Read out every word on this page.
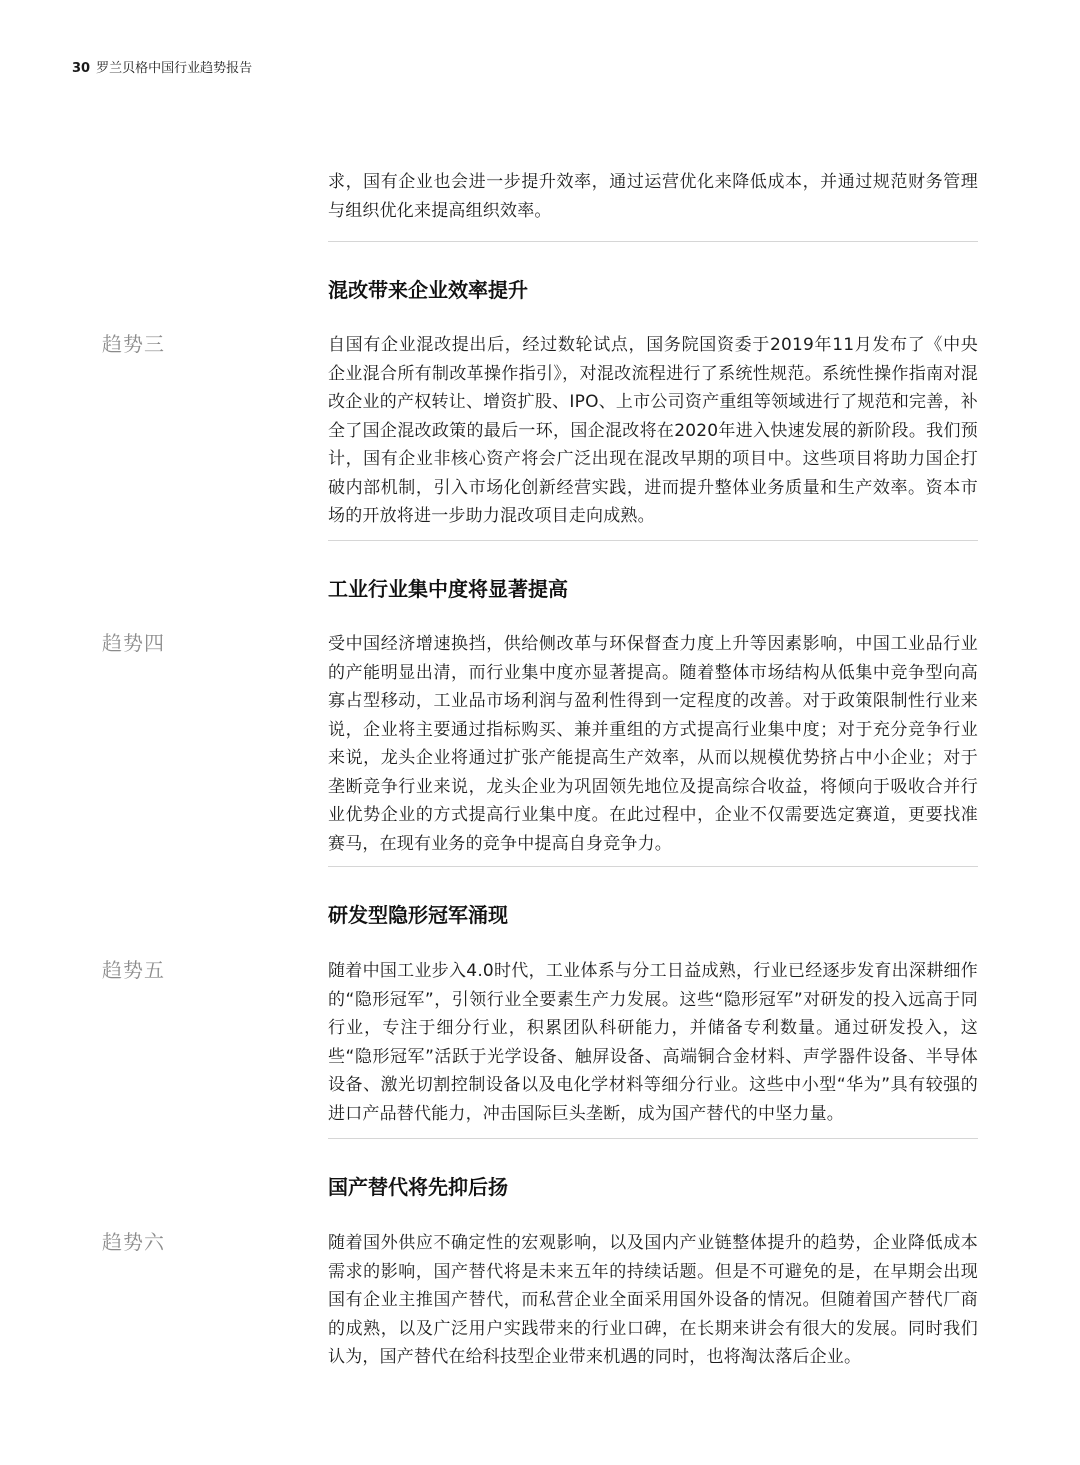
30 罗兰贝格中国行业趋势报告

求，国有企业也会进一步提升效率，通过运营优化来降低成本，并通过规范财务管理与组织优化来提高组织效率。

混改带来企业效率提升
趋势三	自国有企业混改提出后，经过数轮试点，国务院国资委于2019年11月发布了《中央企业混合所有制改革操作指引》，对混改流程进行了系统性规范。系统性操作指南对混改企业的产权转让、增资扩股、IPO、上市公司资产重组等领域进行了规范和完善，补全了国企混改政策的最后一环，国企混改将在2020年进入快速发展的新阶段。我们预计，国有企业非核心资产将会广泛出现在混改早期的项目中。这些项目将助力国企打破内部机制，引入市场化创新经营实践，进而提升整体业务质量和生产效率。资本市场的开放将进一步助力混改项目走向成熟。

工业行业集中度将显著提高
趋势四	受中国经济增速换挡，供给侧改革与环保督查力度上升等因素影响，中国工业品行业的产能明显出清，而行业集中度亦显著提高。随着整体市场结构从低集中竞争型向高寡占型移动，工业品市场利润与盈利性得到一定程度的改善。对于政策限制性行业来说，企业将主要通过指标购买、兼并重组的方式提高行业集中度；对于充分竞争行业来说，龙头企业将通过扩张产能提高生产效率，从而以规模优势挤占中小企业；对于垄断竞争行业来说，龙头企业为巩固领先地位及提高综合收益，将倾向于吸收合并行业优势企业的方式提高行业集中度。在此过程中，企业不仅需要选定赛道，更要找准赛马，在现有业务的竞争中提高自身竞争力。

研发型隐形冠军涌现
趋势五	随着中国工业步入4.0时代，工业体系与分工日益成熟，行业已经逐步发育出深耕细作的“隐形冠军”，引领行业全要素生产力发展。这些“隐形冠军”对研发的投入远高于同行业，专注于细分行业，积累团队科研能力，并储备专利数量。通过研发投入，这些“隐形冠军”活跃于光学设备、触屏设备、高端铜合金材料、声学器件设备、半导体设备、激光切割控制设备以及电化学材料等细分行业。这些中小型“华为”具有较强的进口产品替代能力，冲击国际巨头垄断，成为国产替代的中坚力量。

国产替代将先抑后扬
趋势六	随着国外供应不确定性的宏观影响，以及国内产业链整体提升的趋势，企业降低成本需求的影响，国产替代将是未来五年的持续话题。但是不可避免的是，在早期会出现国有企业主推国产替代，而私营企业全面采用国外设备的情况。但随着国产替代厂商的成熟，以及广泛用户实践带来的行业口碑，在长期来讲会有很大的发展。同时我们认为，国产替代在给科技型企业带来机遇的同时，也将淘汰落后企业。
